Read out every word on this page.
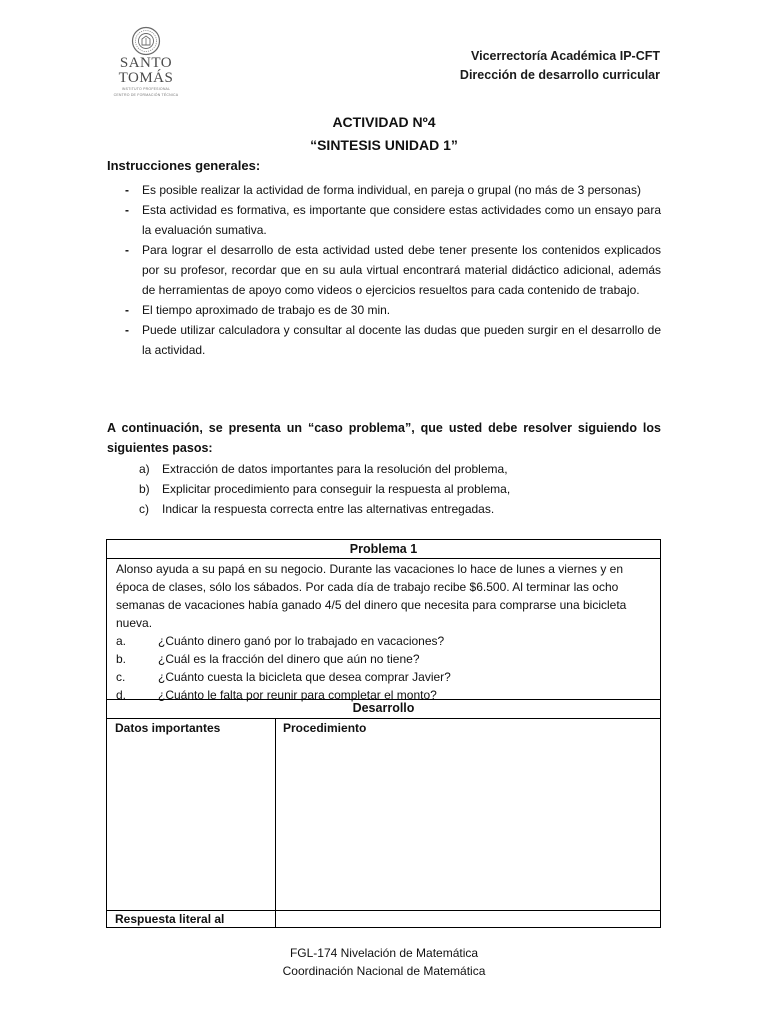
SANTO
TOMÁS
INSTITUTO PROFESIONAL
CENTRO DE FORMACIÓN TÉCNICA
Vicerrectoría Académica IP-CFT
Dirección de desarrollo curricular
ACTIVIDAD Nº4
“SINTESIS UNIDAD 1”
Instrucciones generales:
- Es posible realizar la actividad de forma individual, en pareja o grupal (no más de 3 personas)
- Esta actividad es formativa, es importante que considere estas actividades como un ensayo para la evaluación sumativa.
- Para lograr el desarrollo de esta actividad usted debe tener presente los contenidos explicados por su profesor, recordar que en su aula virtual encontrará material didáctico adicional, además de herramientas de apoyo como videos o ejercicios resueltos para cada contenido de trabajo.
- El tiempo aproximado de trabajo es de 30 min.
- Puede utilizar calculadora y consultar al docente las dudas que pueden surgir en el desarrollo de la actividad.
A continuación, se presenta un “caso problema”, que usted debe resolver siguiendo los siguientes pasos:
a) Extracción de datos importantes para la resolución del problema,
b) Explicitar procedimiento para conseguir la respuesta al problema,
c) Indicar la respuesta correcta entre las alternativas entregadas.
Problema 1
Alonso ayuda a su papá en su negocio. Durante las vacaciones lo hace de lunes a viernes y en época de clases, sólo los sábados. Por cada día de trabajo recibe $6.500. Al terminar las ocho semanas de vacaciones había ganado 4/5 del dinero que necesita para comprarse una bicicleta nueva.
a.	¿Cuánto dinero ganó por lo trabajado en vacaciones?
b.	¿Cuál es la fracción del dinero que aún no tiene?
c.	¿Cuánto cuesta la bicicleta que desea comprar Javier?
d.	¿Cuánto le falta por reunir para completar el monto?
Desarrollo
Datos importantes	Procedimiento
Respuesta literal al
FGL-174 Nivelación de Matemática
Coordinación Nacional de Matemática
